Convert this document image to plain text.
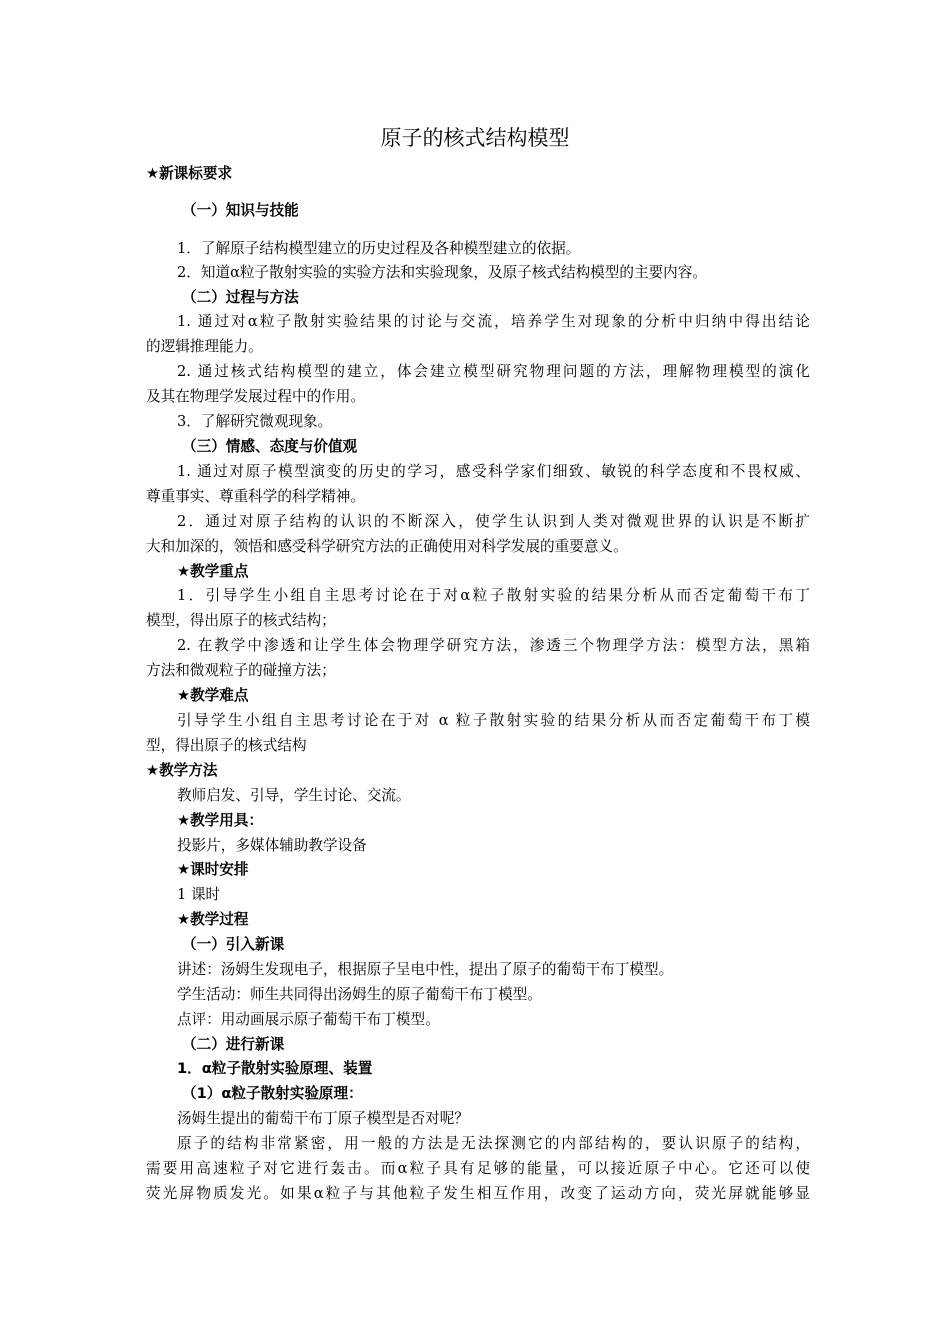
原子的核式结构模型
★新课标要求
（一）知识与技能
1．了解原子结构模型建立的历史过程及各种模型建立的依据。
2．知道α粒子散射实验的实验方法和实验现象，及原子核式结构模型的主要内容。
（二）过程与方法
1. 通过对α粒子散射实验结果的讨论与交流，培养学生对现象的分析中归纳中得出结论
的逻辑推理能力。
2. 通过核式结构模型的建立，体会建立模型研究物理问题的方法，理解物理模型的演化
及其在物理学发展过程中的作用。
3．了解研究微观现象。
（三）情感、态度与价值观
1. 通过对原子模型演变的历史的学习，感受科学家们细致、敏锐的科学态度和不畏权威、
尊重事实、尊重科学的科学精神。
2．通过对原子结构的认识的不断深入，使学生认识到人类对微观世界的认识是不断扩
大和加深的，领悟和感受科学研究方法的正确使用对科学发展的重要意义。
★教学重点
1．引导学生小组自主思考讨论在于对α粒子散射实验的结果分析从而否定葡萄干布丁
模型，得出原子的核式结构；
2. 在教学中渗透和让学生体会物理学研究方法，渗透三个物理学方法：模型方法，黑箱
方法和微观粒子的碰撞方法；
★教学难点
引导学生小组自主思考讨论在于对 α 粒子散射实验的结果分析从而否定葡萄干布丁模
型，得出原子的核式结构
★教学方法
教师启发、引导，学生讨论、交流。
★教学用具：
投影片，多媒体辅助教学设备
★课时安排
1 课时
★教学过程
（一）引入新课
讲述：汤姆生发现电子，根据原子呈电中性，提出了原子的葡萄干布丁模型。
学生活动：师生共同得出汤姆生的原子葡萄干布丁模型。
点评：用动画展示原子葡萄干布丁模型。
（二）进行新课
1．α粒子散射实验原理、装置
（1）α粒子散射实验原理：
汤姆生提出的葡萄干布丁原子模型是否对呢？
原子的结构非常紧密，用一般的方法是无法探测它的内部结构的，要认识原子的结构，
需要用高速粒子对它进行轰击。而α粒子具有足够的能量，可以接近原子中心。它还可以使
荧光屏物质发光。如果α粒子与其他粒子发生相互作用，改变了运动方向，荧光屏就能够显
